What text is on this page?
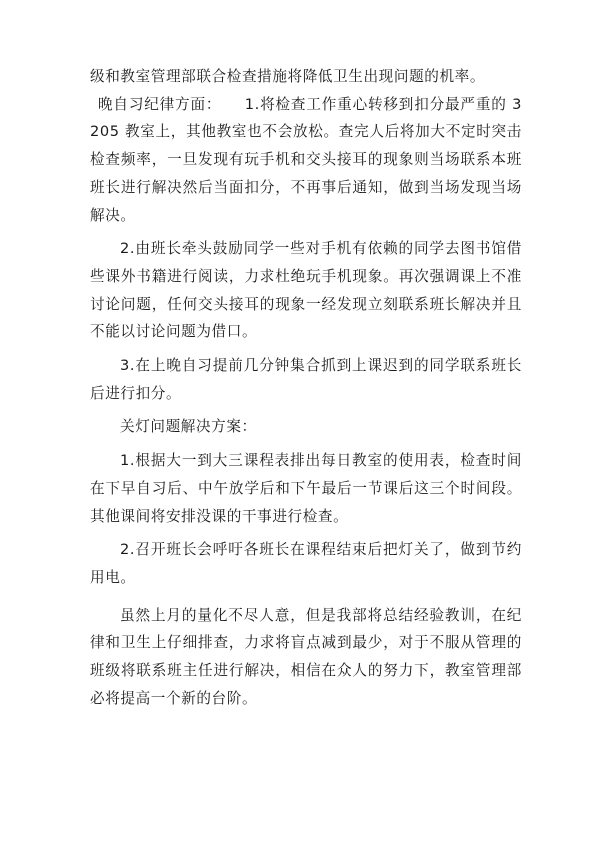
级和教室管理部联合检查措施将降低卫生出现问题的机率。

晚自习纪律方面：　　1.将检查工作重心转移到扣分最严重的 3205 教室上，其他教室也不会放松。查完人后将加大不定时突击检查频率，一旦发现有玩手机和交头接耳的现象则当场联系本班班长进行解决然后当面扣分，不再事后通知，做到当场发现当场解决。

2.由班长牵头鼓励同学一些对手机有依赖的同学去图书馆借些课外书籍进行阅读，力求杜绝玩手机现象。再次强调课上不准讨论问题，任何交头接耳的现象一经发现立刻联系班长解决并且不能以讨论问题为借口。

3.在上晚自习提前几分钟集合抓到上课迟到的同学联系班长后进行扣分。

关灯问题解决方案：

1.根据大一到大三课程表排出每日教室的使用表，检查时间在下早自习后、中午放学后和下午最后一节课后这三个时间段。其他课间将安排没课的干事进行检查。

2.召开班长会呼吁各班长在课程结束后把灯关了，做到节约用电。

虽然上月的量化不尽人意，但是我部将总结经验教训，在纪律和卫生上仔细排查，力求将盲点减到最少，对于不服从管理的班级将联系班主任进行解决，相信在众人的努力下，教室管理部必将提高一个新的台阶。
